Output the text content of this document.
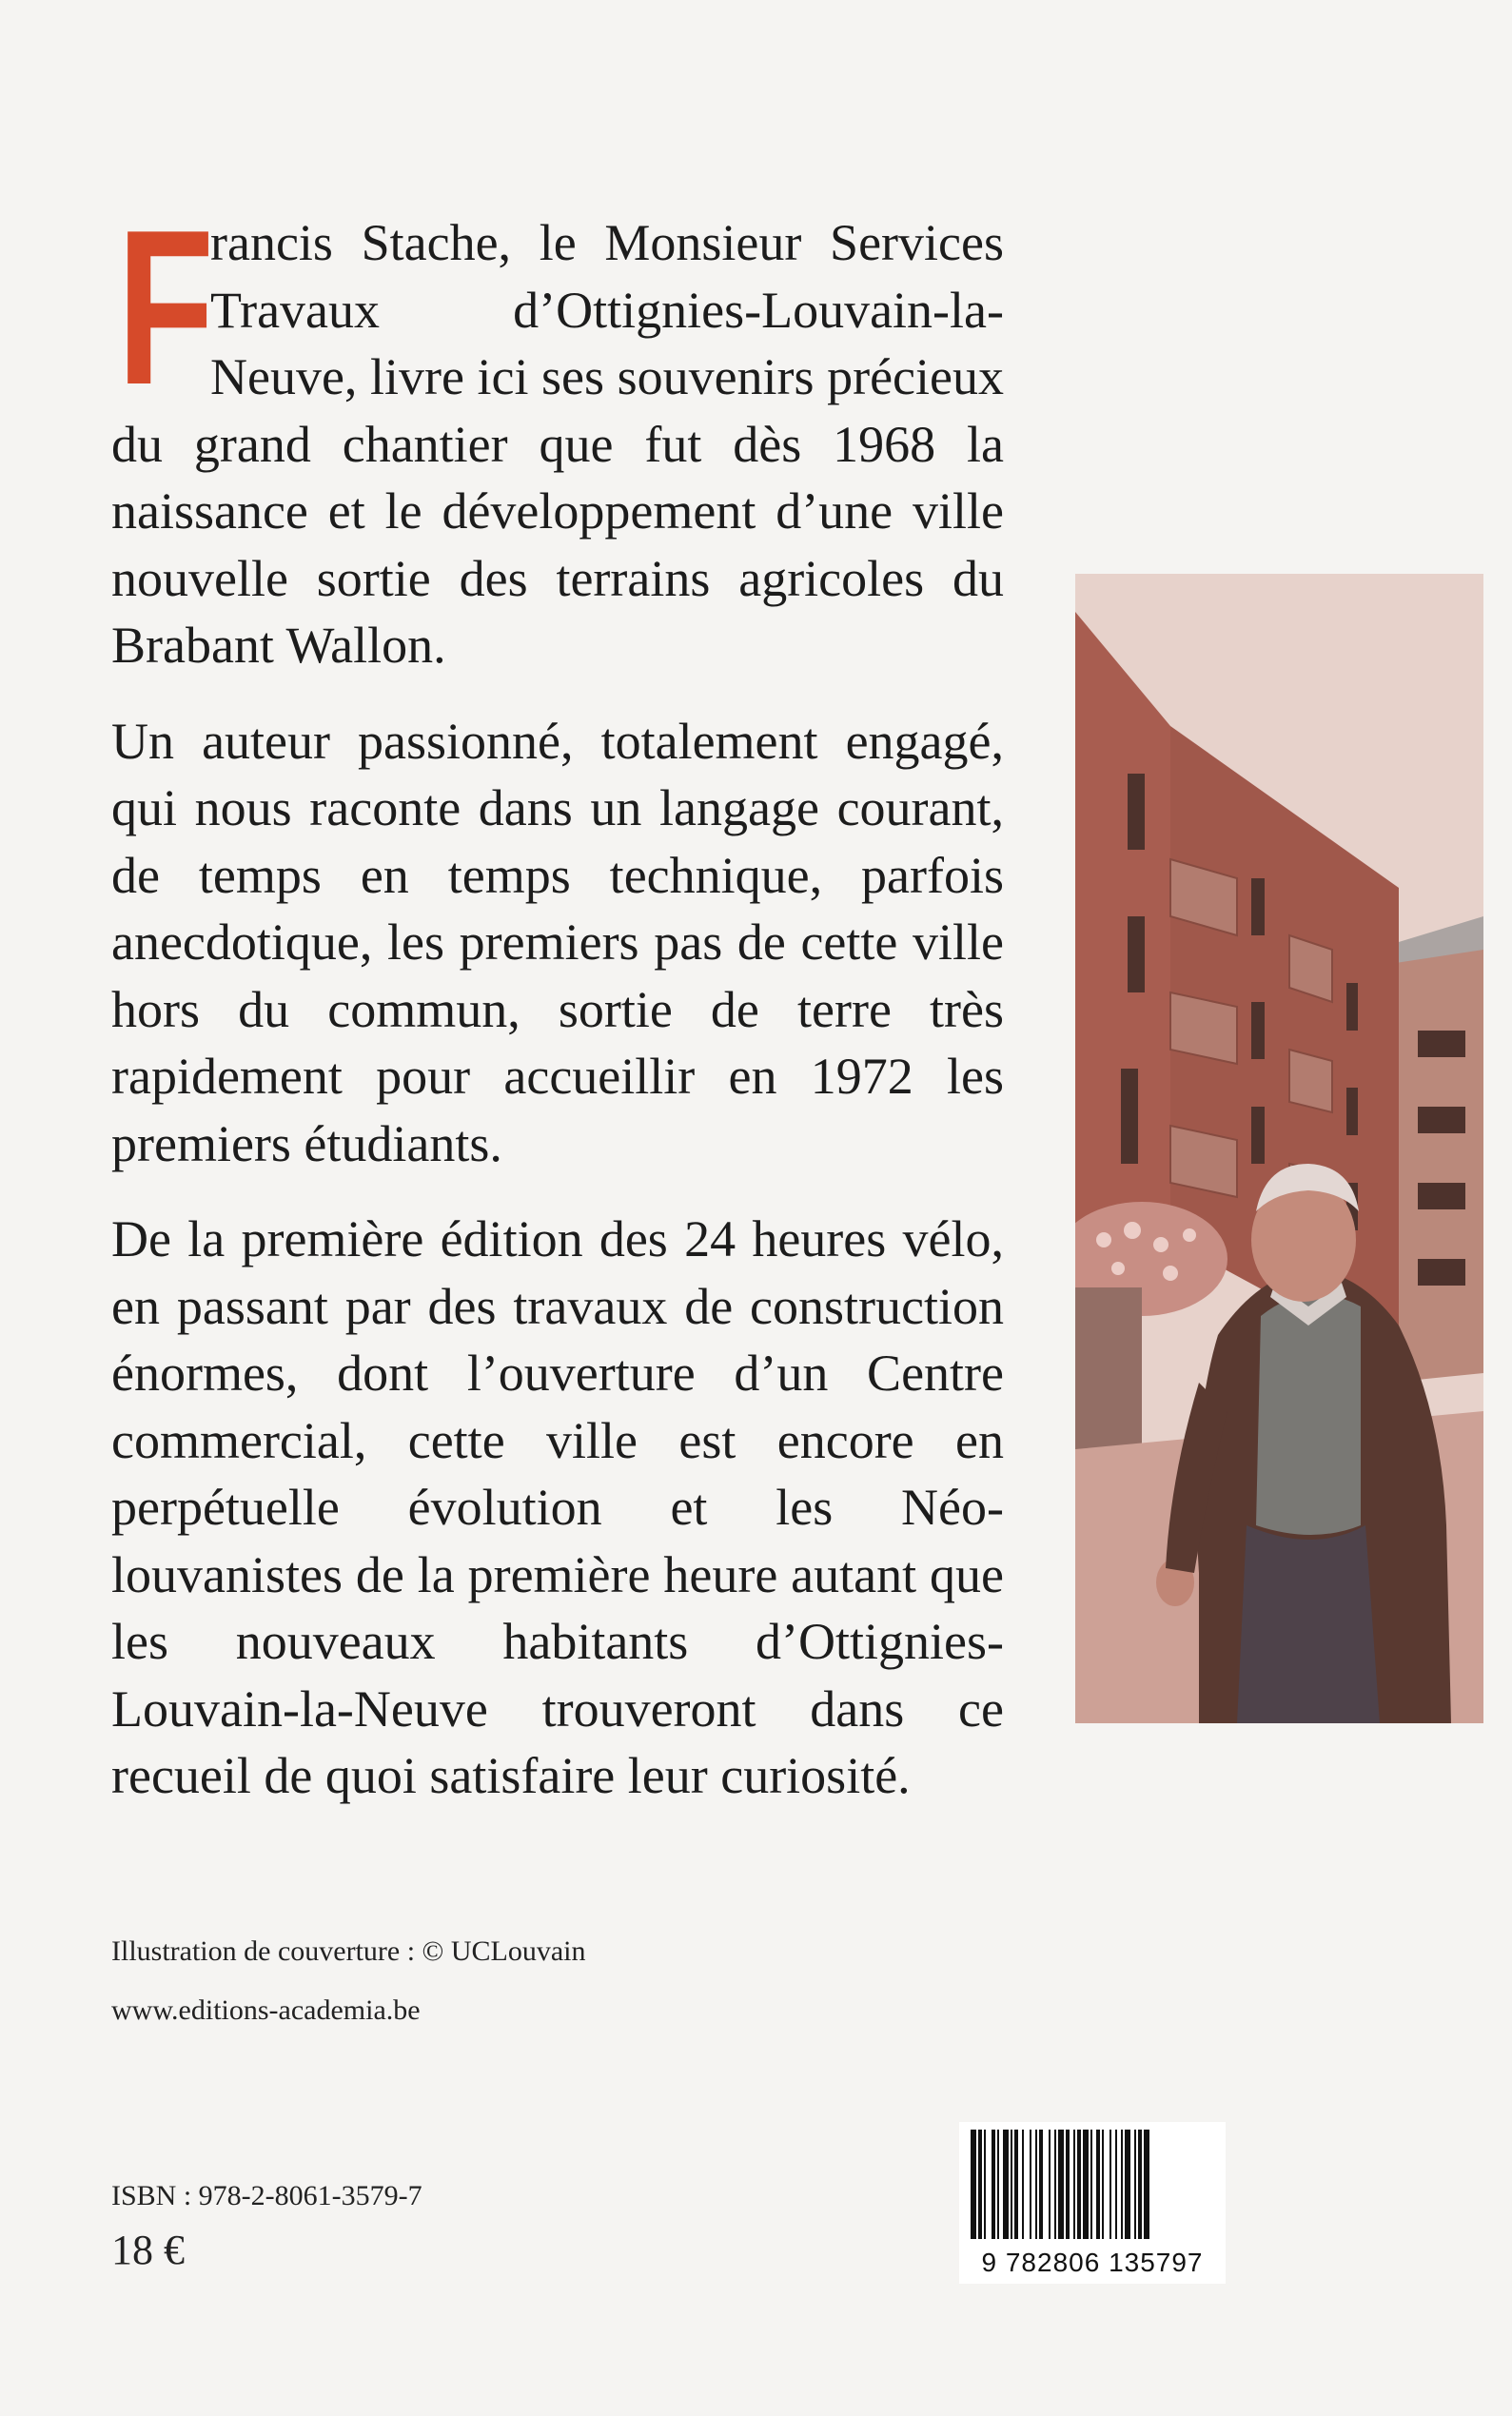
F
rancis Stache, le Monsieur Services Travaux d’Ottignies-Louvain-la-Neuve, livre ici ses souvenirs précieux du grand chantier que fut dès 1968 la naissance et le développement d’une ville nouvelle sortie des terrains agricoles du Brabant Wallon.

Un auteur passionné, totalement engagé, qui nous raconte dans un langage courant, de temps en temps technique, parfois anecdotique, les premiers pas de cette ville hors du commun, sortie de terre très rapidement pour accueillir en 1972 les premiers étudiants.

De la première édition des 24 heures vélo, en passant par des travaux de construction énormes, dont l’ouverture d’un Centre commercial, cette ville est encore en perpétuelle évolution et les Néo-louvanistes de la première heure autant que les nouveaux habitants d’Ottignies-Louvain-la-Neuve trouveront dans ce recueil de quoi satisfaire leur curiosité.

Illustration de couverture : © UCLouvain
www.editions-academia.be
ISBN : 978-2-8061-3579-7
18 €	9 782806 135797
